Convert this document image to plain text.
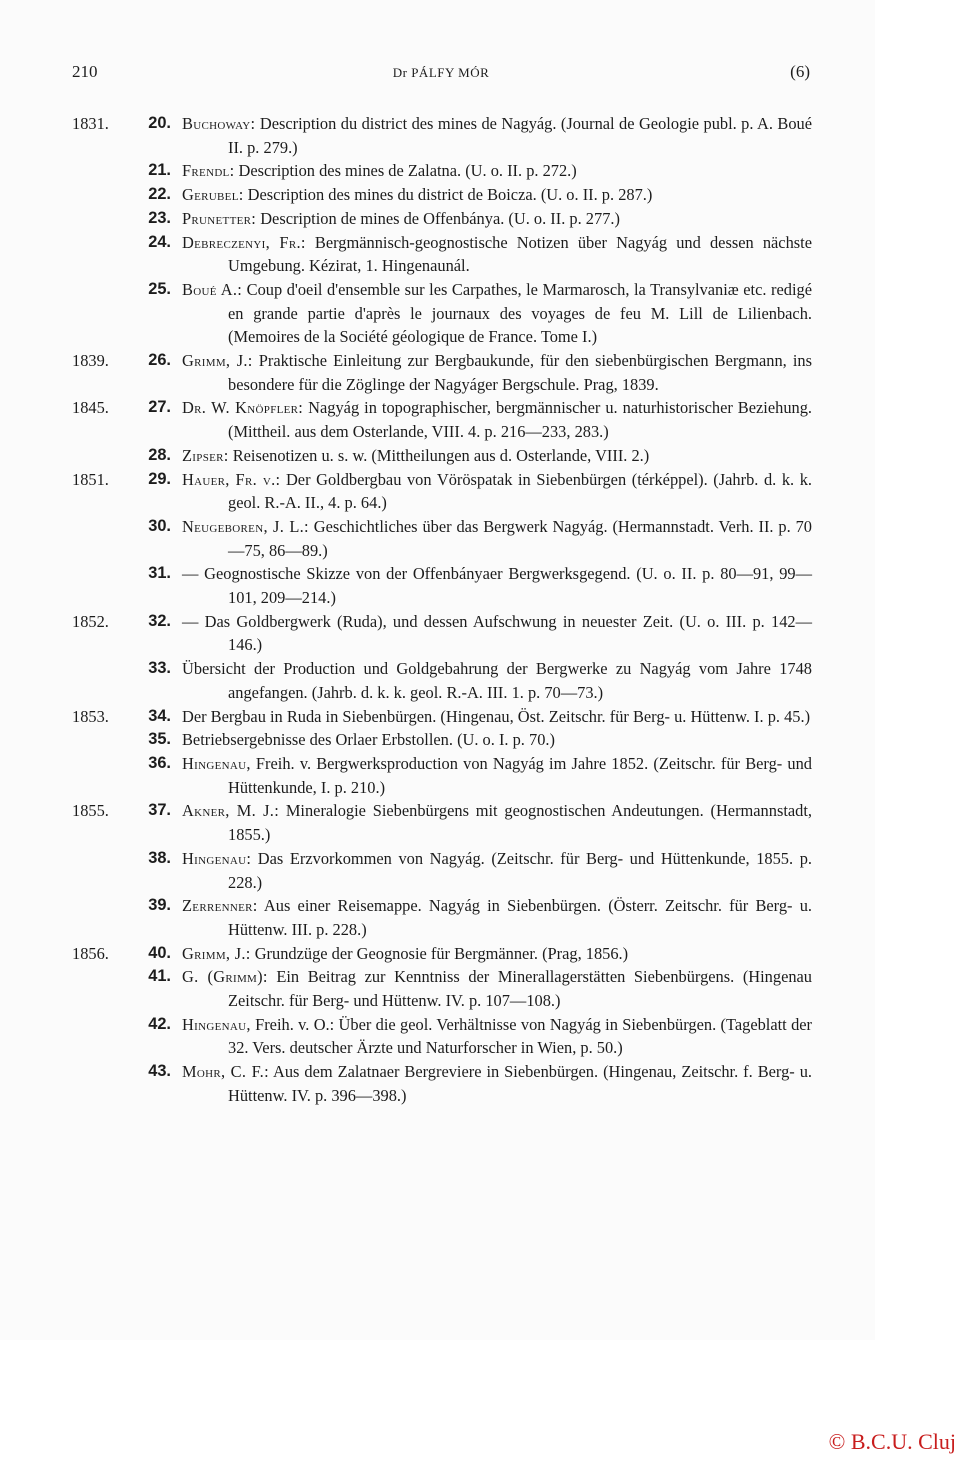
210	Dr PÁLFY MÓR	(6)
1831.	20. Buchoway: Description du district des mines de Nagyág. (Journal de Geologie publ. p. A. Boué II. p. 279.)
21. Frendl: Description des mines de Zalatna. (U. o. II. p. 272.)
22. Gerubel: Description des mines du district de Boicza. (U. o. II. p. 287.)
23. Prunetter: Description de mines de Offenbánya. (U. o. II. p. 277.)
24. Debreczenyi, Fr.: Bergmännisch-geognostische Notizen über Nagyág und dessen nächste Umgebung. Kézirat, 1. Hingenaunál.
25. Boué A.: Coup d'oeil d'ensemble sur les Carpathes, le Marmarosch, la Transylvaniæ etc. redigé en grande partie d'après le journaux des voyages de feu M. Lill de Lilienbach. (Memoires de la Société géologique de France. Tome I.)
1839.	26. Grimm, J.: Praktische Einleitung zur Bergbaukunde, für den siebenbürgischen Bergmann, ins besondere für die Zöglinge der Nagyáger Bergschule. Prag, 1839.
1845.	27. Dr. W. Knöpfler: Nagyág in topographischer, bergmännischer u. naturhistorischer Beziehung. (Mittheil. aus dem Osterlande, VIII. 4. p. 216—233, 283.)
28. Zipser: Reisenotizen u. s. w. (Mittheilungen aus d. Osterlande, VIII. 2.)
1851.	29. Hauer, Fr. v.: Der Goldbergbau von Vöröspatak in Siebenbürgen (térképpel). (Jahrb. d. k. k. geol. R.-A. II., 4. p. 64.)
30. Neugeboren, J. L.: Geschichtliches über das Bergwerk Nagyág. (Hermannstadt. Verh. II. p. 70—75, 86—89.)
31. — Geognostische Skizze von der Offenbányaer Bergwerksgegend. (U. o. II. p. 80—91, 99—101, 209—214.)
1852.	32. — Das Goldbergwerk (Ruda), und dessen Aufschwung in neuester Zeit. (U. o. III. p. 142—146.)
33. Übersicht der Production und Goldgebahrung der Bergwerke zu Nagyág vom Jahre 1748 angefangen. (Jahrb. d. k. k. geol. R.-A. III. 1. p. 70—73.)
1853.	34. Der Bergbau in Ruda in Siebenbürgen. (Hingenau, Öst. Zeitschr. für Berg- u. Hüttenw. I. p. 45.)
35. Betriebsergebnisse des Orlaer Erbstollen. (U. o. I. p. 70.)
36. Hingenau, Freih. v. Bergwerksproduction von Nagyág im Jahre 1852. (Zeitschr. für Berg- und Hüttenkunde, I. p. 210.)
1855.	37. Akner, M. J.: Mineralogie Siebenbürgens mit geognostischen Andeutungen. (Hermannstadt, 1855.)
38. Hingenau: Das Erzvorkommen von Nagyág. (Zeitschr. für Berg- und Hüttenkunde, 1855. p. 228.)
39. Zerrenner: Aus einer Reisemappe. Nagyág in Siebenbürgen. (Österr. Zeitschr. für Berg- u. Hüttenw. III. p. 228.)
1856.	40. Grimm, J.: Grundzüge der Geognosie für Bergmänner. (Prag, 1856.)
41. G. (Grimm): Ein Beitrag zur Kenntniss der Minerallagerstätten Siebenbürgens. (Hingenau Zeitschr. für Berg- und Hüttenw. IV. p. 107—108.)
42. Hingenau, Freih. v. O.: Über die geol. Verhältnisse von Nagyág in Siebenbürgen. (Tageblatt der 32. Vers. deutscher Ärzte und Naturforscher in Wien, p. 50.)
43. Mohr, C. F.: Aus dem Zalatnaer Bergreviere in Siebenbürgen. (Hingenau, Zeitschr. f. Berg- u. Hüttenw. IV. p. 396—398.)
© B.C.U. Cluj
